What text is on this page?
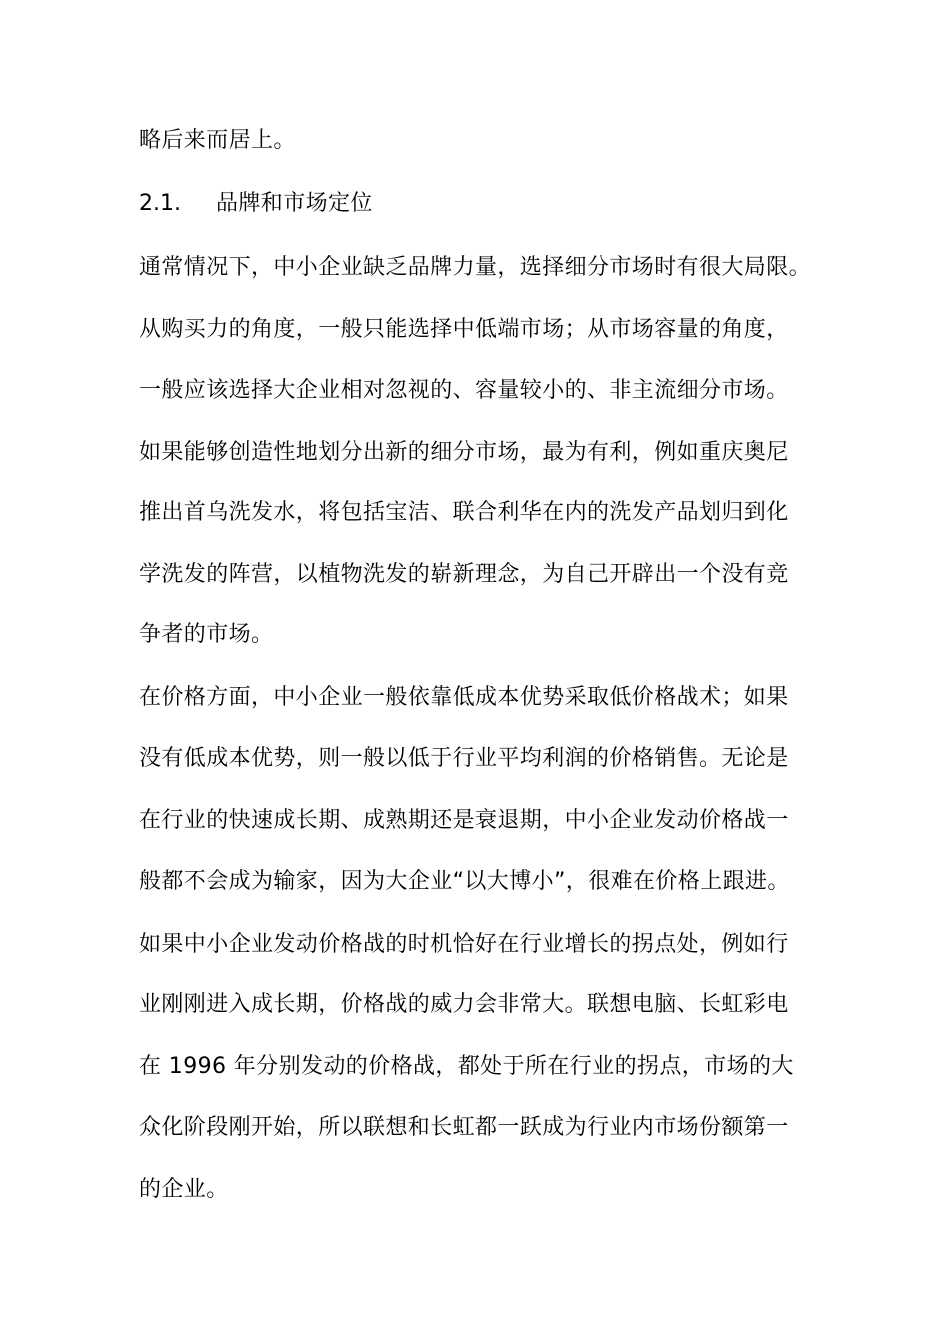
略后来而居上。
2.1. 品牌和市场定位
通常情况下，中小企业缺乏品牌力量，选择细分市场时有很大局限。
从购买力的角度，一般只能选择中低端市场；从市场容量的角度，
一般应该选择大企业相对忽视的、容量较小的、非主流细分市场。
如果能够创造性地划分出新的细分市场，最为有利，例如重庆奥尼
推出首乌洗发水，将包括宝洁、联合利华在内的洗发产品划归到化
学洗发的阵营，以植物洗发的崭新理念，为自己开辟出一个没有竞
争者的市场。
在价格方面，中小企业一般依靠低成本优势采取低价格战术；如果
没有低成本优势，则一般以低于行业平均利润的价格销售。无论是
在行业的快速成长期、成熟期还是衰退期，中小企业发动价格战一
般都不会成为输家，因为大企业“以大博小”，很难在价格上跟进。
如果中小企业发动价格战的时机恰好在行业增长的拐点处，例如行
业刚刚进入成长期，价格战的威力会非常大。联想电脑、长虹彩电
在 1996 年分别发动的价格战，都处于所在行业的拐点，市场的大
众化阶段刚开始，所以联想和长虹都一跃成为行业内市场份额第一
的企业。
